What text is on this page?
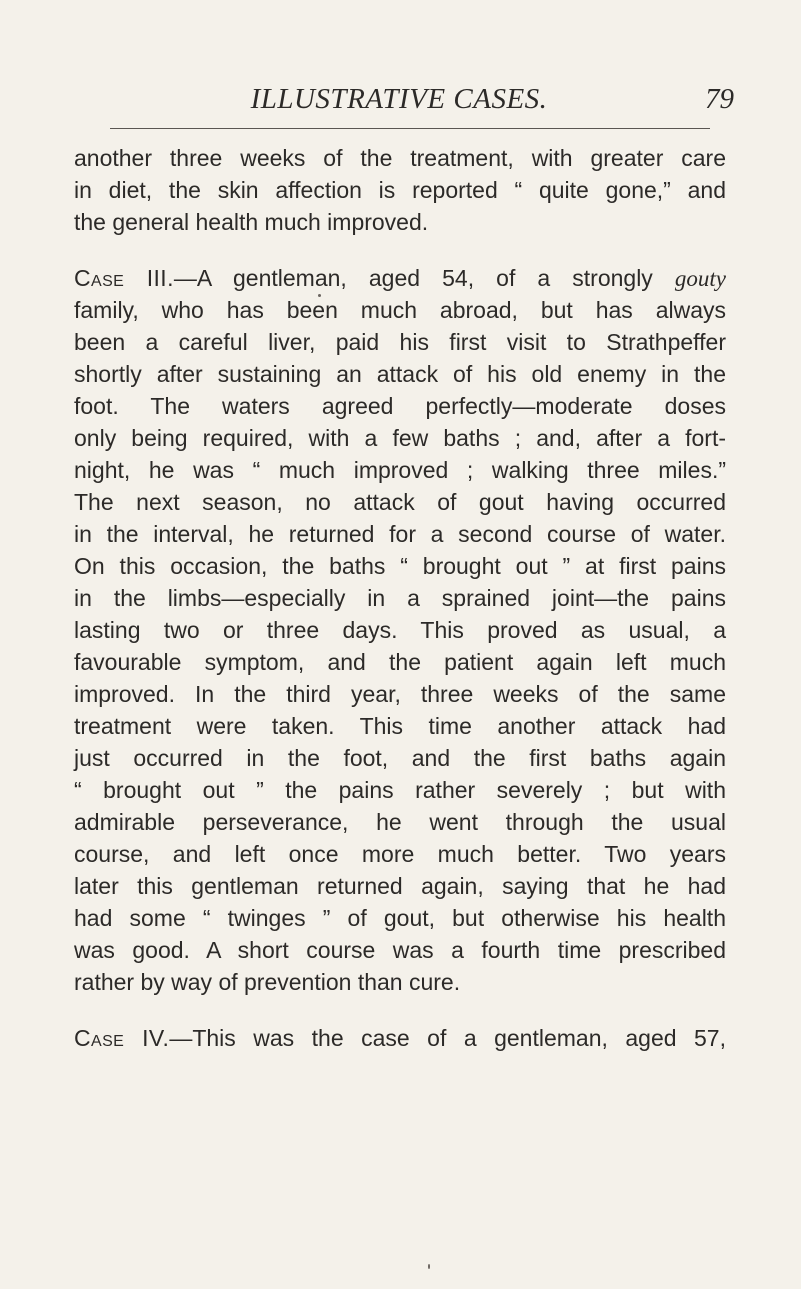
ILLUSTRATIVE CASES.	79
another three weeks of the treatment, with greater care
in diet, the skin affection is reported “ quite gone,” and
the general health much improved.
Case III.—A gentleman, aged 54, of a strongly gouty
family, who has been much abroad, but has always
been a careful liver, paid his first visit to Strathpeffer
shortly after sustaining an attack of his old enemy in the
foot. The waters agreed perfectly—moderate doses
only being required, with a few baths ; and, after a fort-
night, he was “ much improved ; walking three miles.”
The next season, no attack of gout having occurred
in the interval, he returned for a second course of water.
On this occasion, the baths “ brought out ” at first pains
in the limbs—especially in a sprained joint—the pains
lasting two or three days. This proved as usual, a
favourable symptom, and the patient again left much
improved. In the third year, three weeks of the same
treatment were taken. This time another attack had
just occurred in the foot, and the first baths again
“ brought out ” the pains rather severely ; but with
admirable perseverance, he went through the usual
course, and left once more much better. Two years
later this gentleman returned again, saying that he had
had some “ twinges ” of gout, but otherwise his health
was good. A short course was a fourth time prescribed
rather by way of prevention than cure.
Case IV.—This was the case of a gentleman, aged 57,
